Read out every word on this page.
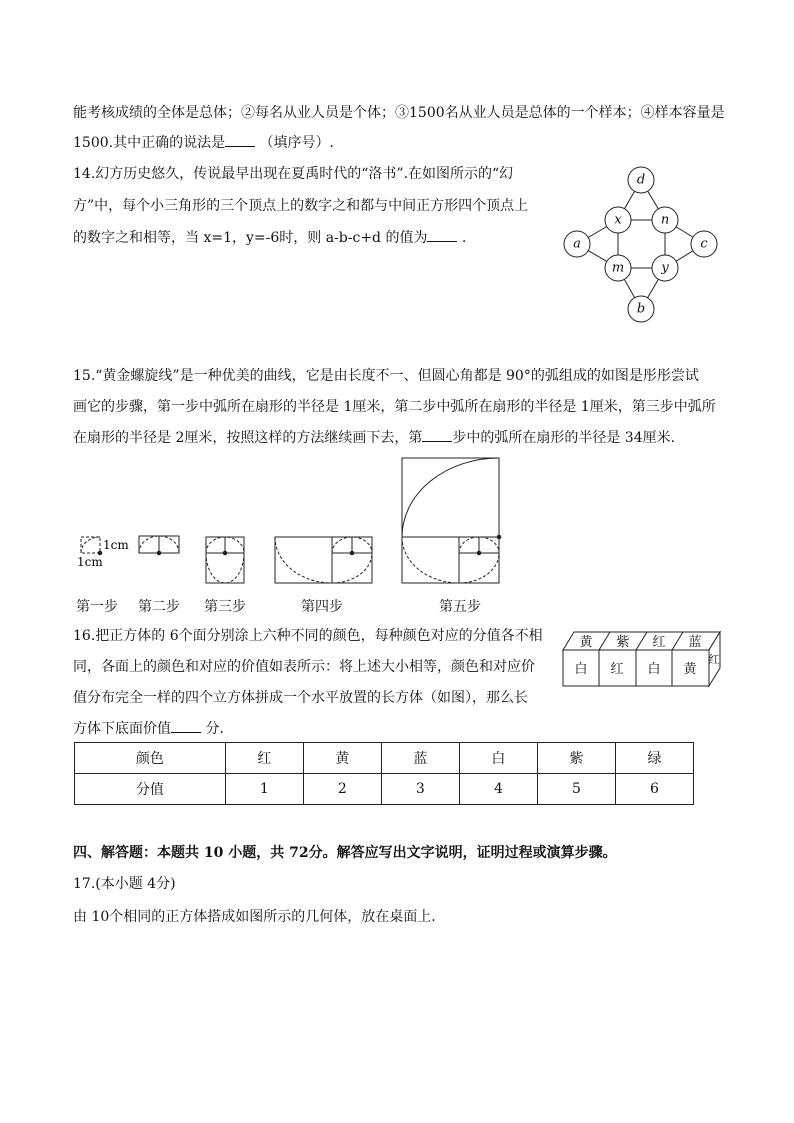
能考核成绩的全体是总体；②每名从业人员是个体；③1500名从业人员是总体的一个样本；④样本容量是
1500.其中正确的说法是 （填序号）.
14.幻方历史悠久，传说最早出现在夏禹时代的“洛书”.在如图所示的“幻
方”中，每个小三角形的三个顶点上的数字之和都与中间正方形四个顶点上
的数字之和相等，当 x=1，y=-6时，则 a-b-c+d 的值为 .
d
x	n
a	c
m	y
b
15.“黄金螺旋线”是一种优美的曲线，它是由长度不一、但圆心角都是 90°的弧组成的如图是彤彤尝试
画它的步骤，第一步中弧所在扇形的半径是 1厘米，第二步中弧所在扇形的半径是 1厘米，第三步中弧所
在扇形的半径是 2厘米，按照这样的方法继续画下去，第 步中的弧所在扇形的半径是 34厘米.
1cm
1cm
第一步 第二步 第三步	第四步	第五步
16.把正方体的 6个面分别涂上六种不同的颜色，每种颜色对应的分值各不相
同，各面上的颜色和对应的价值如表所示：将上述大小相等，颜色和对应价
值分布完全一样的四个立方体拼成一个水平放置的长方体（如图），那么长
方体下底面价值 分.
黄 紫 红 蓝
白 红 白 黄
红
颜色	红	黄	蓝	白	紫	绿
分值	1	2	3	4	5	6
四、解答题：本题共 10 小题，共 72分。解答应写出文字说明，证明过程或演算步骤。
17.(本小题 4分)
由 10个相同的正方体搭成如图所示的几何体，放在桌面上.
